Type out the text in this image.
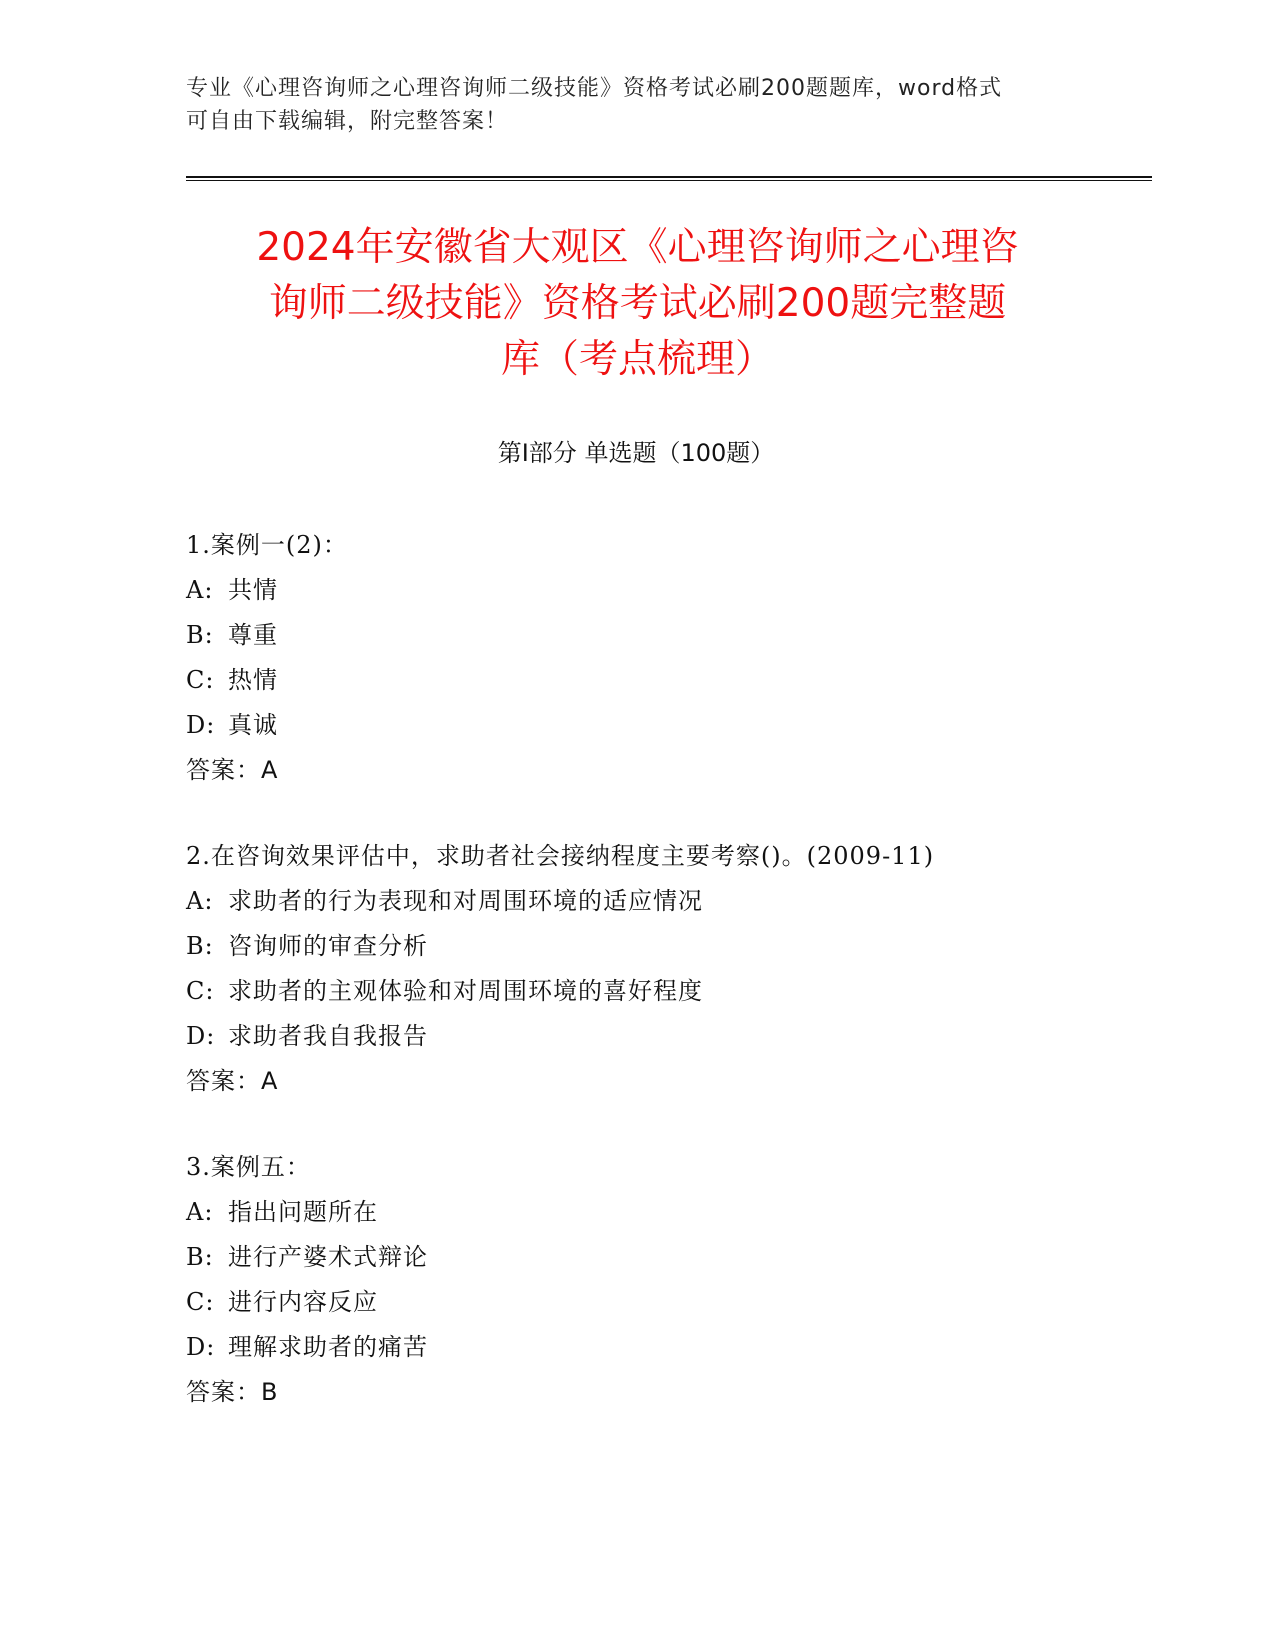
专业《心理咨询师之心理咨询师二级技能》资格考试必刷200题题库，word格式
可自由下载编辑，附完整答案！
2024年安徽省大观区《心理咨询师之心理咨
询师二级技能》资格考试必刷200题完整题
库（考点梳理）
第Ⅰ部分 单选题（100题）
1.案例一(2)：
A: 共情
B: 尊重
C: 热情
D: 真诚
答案：A
2.在咨询效果评估中，求助者社会接纳程度主要考察()。(2009-11)
A: 求助者的行为表现和对周围环境的适应情况
B: 咨询师的审查分析
C: 求助者的主观体验和对周围环境的喜好程度
D: 求助者我自我报告
答案：A
3.案例五：
A: 指出问题所在
B: 进行产婆术式辩论
C: 进行内容反应
D: 理解求助者的痛苦
答案：B
